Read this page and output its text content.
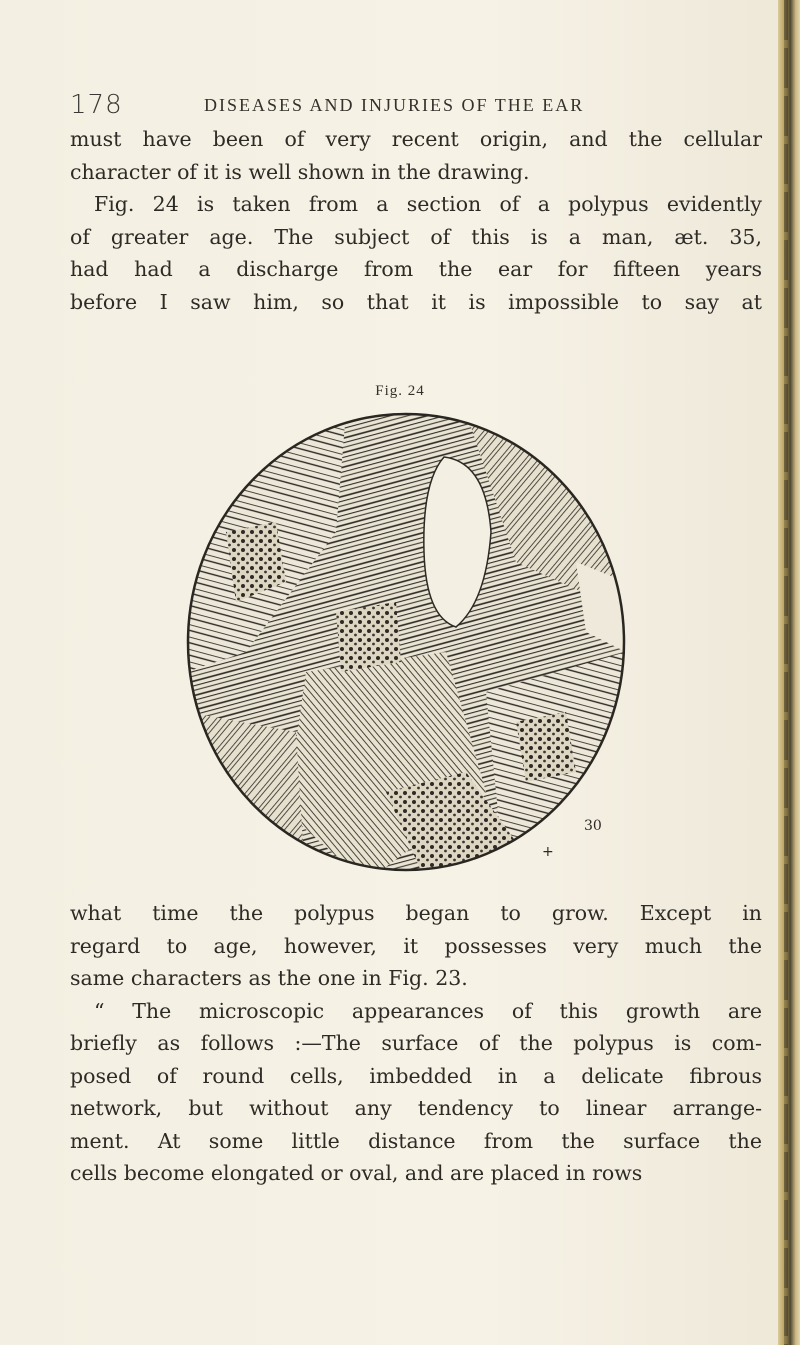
178	DISEASES AND INJURIES OF THE EAR
must have been of very recent origin, and the cellular
character of it is well shown in the drawing.
Fig. 24 is taken from a section of a polypus evidently
of greater age. The subject of this is a man, æt. 35,
had had a discharge from the ear for fifteen years
before I saw him, so that it is impossible to say at
Fig. 24
30
+
what time the polypus began to grow. Except in
regard to age, however, it possesses very much the
same characters as the one in Fig. 23.
“ The microscopic appearances of this growth are
briefly as follows :—The surface of the polypus is com-
posed of round cells, imbedded in a delicate fibrous
network, but without any tendency to linear arrange-
ment. At some little distance from the surface the
cells become elongated or oval, and are placed in rows
